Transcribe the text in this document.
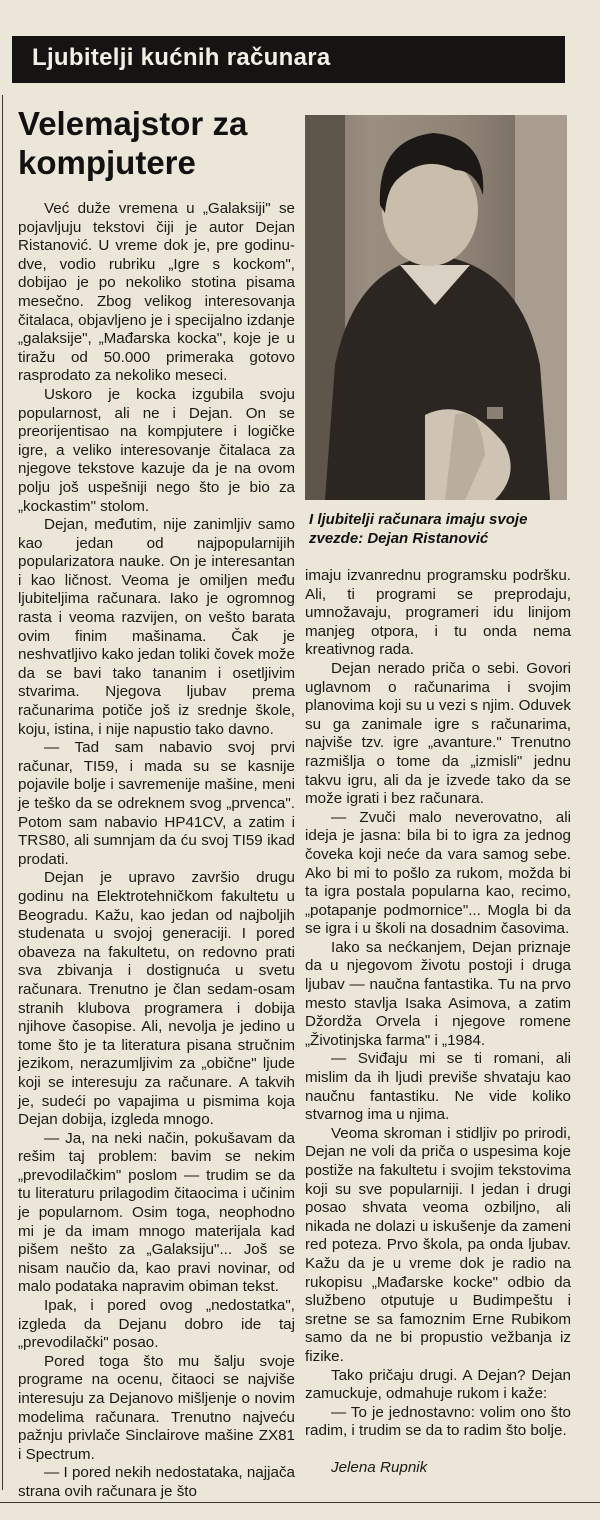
Ljubitelji kućnih računara
Velemajstor za kompjutere

I ljubitelji računara imaju svoje zvezde: Dejan Ristanović

Već duže vremena u „Galaksiji" se pojavljuju tekstovi čiji je autor Dejan Ristanović. U vreme dok je, pre godinu-dve, vodio rubriku „Igre s kockom", dobijao je po nekoliko stotina pisama mesečno. Zbog velikog interesovanja čitalaca, objavljeno je i specijalno izdanje „galaksije", „Mađarska kocka", koje je u tiražu od 50.000 primeraka gotovo rasprodato za nekoliko meseci.

Uskoro je kocka izgubila svoju popularnost, ali ne i Dejan. On se preorijentisao na kompjutere i logičke igre, a veliko interesovanje čitalaca za njegove tekstove kazuje da je na ovom polju još uspešniji nego što je bio za „kockastim" stolom.

Dejan, međutim, nije zanimljiv samo kao jedan od najpopularnijih popularizatora nauke. On je interesantan i kao ličnost. Veoma je omiljen među ljubiteljima računara. Iako je ogromnog rasta i veoma razvijen, on vešto barata ovim finim mašinama. Čak je neshvatljivo kako jedan toliki čovek može da se bavi tako tananim i osetljivim stvarima. Njegova ljubav prema računarima potiče još iz srednje škole, koju, istina, i nije napustio tako davno.

— Tad sam nabavio svoj prvi računar, TI59, i mada su se kasnije pojavile bolje i savremenije mašine, meni je teško da se odreknem svog „prvenca". Potom sam nabavio HP41CV, a zatim i TRS80, ali sumnjam da ću svoj TI59 ikad prodati.

Dejan je upravo završio drugu godinu na Elektrotehničkom fakultetu u Beogradu. Kažu, kao jedan od najboljih studenata u svojoj generaciji. I pored obaveza na fakultetu, on redovno prati sva zbivanja i dostignuća u svetu računara. Trenutno je član sedam-osam stranih klubova programera i dobija njihove časopise. Ali, nevolja je jedino u tome što je ta literatura pisana stručnim jezikom, nerazumljivim za „obične" ljude koji se interesuju za računare. A takvih je, sudeći po vapajima u pismima koja Dejan dobija, izgleda mnogo.

— Ja, na neki način, pokušavam da rešim taj problem: bavim se nekim „prevodilačkim" poslom — trudim se da tu literaturu prilagodim čitaocima i učinim je popularnom. Osim toga, neophodno mi je da imam mnogo materijala kad pišem nešto za „Galaksiju"... Još se nisam naučio da, kao pravi novinar, od malo podataka napravim obiman tekst.

Ipak, i pored ovog „nedostatka", izgleda da Dejanu dobro ide taj „prevodilački" posao.

Pored toga što mu šalju svoje programe na ocenu, čitaoci se najviše interesuju za Dejanovo mišljenje o novim modelima računara. Trenutno najveću pažnju privlače Sinclairove mašine ZX81 i Spectrum.

— I pored nekih nedostataka, najjača strana ovih računara je što

imaju izvanrednu programsku podršku. Ali, ti programi se preprodaju, umnožavaju, programeri idu linijom manjeg otpora, i tu onda nema kreativnog rada.

Dejan nerado priča o sebi. Govori uglavnom o računarima i svojim planovima koji su u vezi s njim. Oduvek su ga zanimale igre s računarima, najviše tzv. igre „avanture." Trenutno razmišlja o tome da „izmisli" jednu takvu igru, ali da je izvede tako da se može igrati i bez računara.

— Zvuči malo neverovatno, ali ideja je jasna: bila bi to igra za jednog čoveka koji neće da vara samog sebe. Ako bi mi to pošlo za rukom, možda bi ta igra postala popularna kao, recimo, „potapanje podmornice"... Mogla bi da se igra i u školi na dosadnim časovima.

Iako sa nećkanjem, Dejan priznaje da u njegovom životu postoji i druga ljubav — naučna fantastika. Tu na prvo mesto stavlja Isaka Asimova, a zatim Džordža Orvela i njegove romene „Životinjska farma" i „1984.

— Sviđaju mi se ti romani, ali mislim da ih ljudi previše shvataju kao naučnu fantastiku. Ne vide koliko stvarnog ima u njima.

Veoma skroman i stidljiv po prirodi, Dejan ne voli da priča o uspesima koje postiže na fakultetu i svojim tekstovima koji su sve popularniji. I jedan i drugi posao shvata veoma ozbiljno, ali nikada ne dolazi u iskušenje da zameni red poteza. Prvo škola, pa onda ljubav. Kažu da je u vreme dok je radio na rukopisu „Mađarske kocke" odbio da službeno otputuje u Budimpeštu i sretne se sa famoznim Erne Rubikom samo da ne bi propustio vežbanja iz fizike.

Tako pričaju drugi. A Dejan? Dejan zamuckuje, odmahuje rukom i kaže:

— To je jednostavno: volim ono što radim, i trudim se da to radim što bolje.

Jelena Rupnik
